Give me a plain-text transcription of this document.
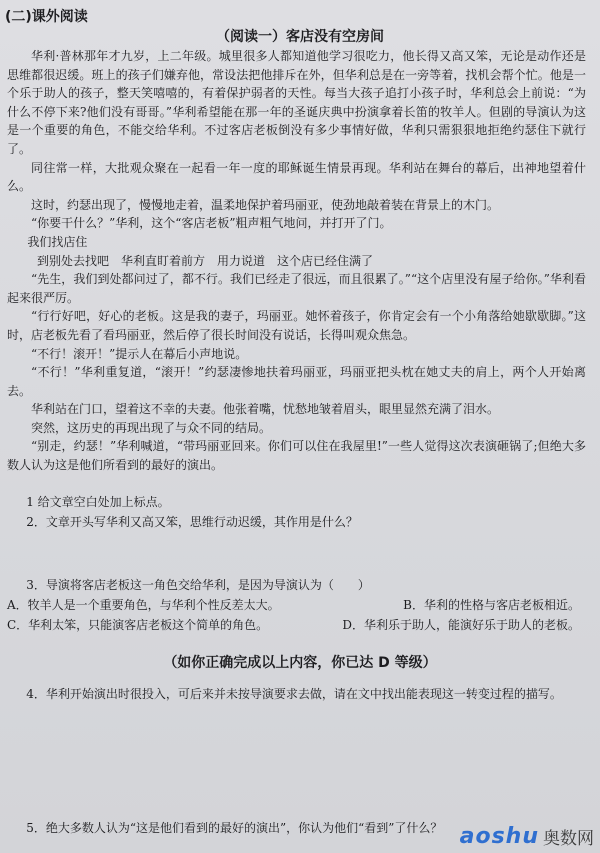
(二)课外阅读
（阅读一）客店没有空房间

华利·普林那年才九岁，上二年级。城里很多人都知道他学习很吃力，他长得又高又笨，无论是动作还是思维都很迟缓。班上的孩子们嫌弃他，常设法把他排斥在外，但华利总是在一旁等着，找机会帮个忙。他是一个乐于助人的孩子，整天笑嘻嘻的，有着保护弱者的天性。每当大孩子追打小孩子时，华利总会上前说：“为什么不停下来?他们没有哥哥。”华利希望能在那一年的圣诞庆典中扮演拿着长笛的牧羊人。但剧的导演认为这是一个重要的角色，不能交给华利。不过客店老板倒没有多少事情好做，华利只需狠狠地拒绝约瑟住下就行了。

同往常一样，大批观众聚在一起看一年一度的耶稣诞生情景再现。华利站在舞台的幕后，出神地望着什么。

这时，约瑟出现了，慢慢地走着，温柔地保护着玛丽亚，使劲地敲着装在背景上的木门。

“你要干什么？”华利，这个“客店老板”粗声粗气地问，并打开了门。

我们找店住

到别处去找吧　华利直盯着前方　用力说道　这个店已经住满了

“先生，我们到处都问过了，都不行。我们已经走了很远，而且很累了。”“这个店里没有屋子给你。”华利看起来很严厉。

“行行好吧，好心的老板。这是我的妻子，玛丽亚。她怀着孩子，你肯定会有一个小角落给她歇歇脚。”这时，店老板先看了看玛丽亚，然后停了很长时间没有说话，长得叫观众焦急。

“不行！滚开！”提示人在幕后小声地说。

“不行！”华利重复道，“滚开！”约瑟凄惨地扶着玛丽亚，玛丽亚把头枕在她丈夫的肩上，两个人开始离去。

华利站在门口，望着这不幸的夫妻。他张着嘴，忧愁地皱着眉头，眼里显然充满了泪水。

突然，这历史的再现出现了与众不同的结局。

“别走，约瑟！”华利喊道，“带玛丽亚回来。你们可以住在我屋里!”一些人觉得这次表演砸锅了;但绝大多数人认为这是他们所看到的最好的演出。

1 给文章空白处加上标点。

2．文章开头写华利又高又笨，思维行动迟缓，其作用是什么？

3．导演将客店老板这一角色交给华利，是因为导演认为（　　）

A．牧羊人是一个重要角色，与华利个性反差太大。	B．华利的性格与客店老板相近。
C．华利太笨，只能演客店老板这个简单的角色。	D．华利乐于助人，能演好乐于助人的老板。
（如你正确完成以上内容，你已达 D 等级）

4．华利开始演出时很投入，可后来并未按导演要求去做，请在文中找出能表现这一转变过程的描写。

5．绝大多数人认为“这是他们看到的最好的演出”，你认为他们“看到”了什么？ aoshu 奥数网
